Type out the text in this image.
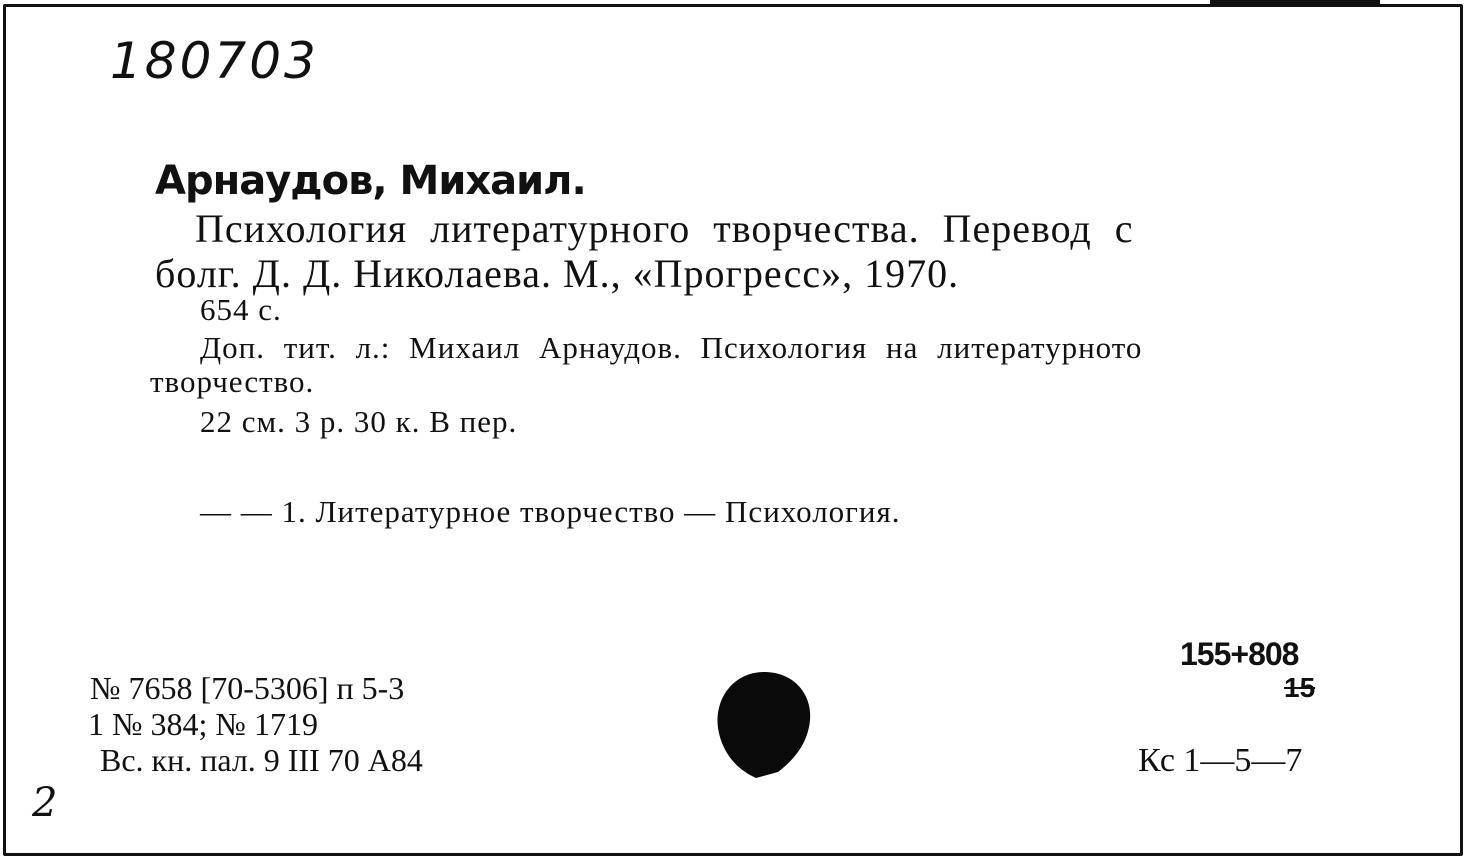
180703
Арнаудов, Михаил.
Психология литературного творчества. Перевод с
болг. Д. Д. Николаева. М., «Прогресс», 1970.
654 с.
Доп. тит. л.: Михаил Арнаудов. Психология на литературното
творчество.
22 см. 3 р. 30 к. В пер.
— — 1. Литературное творчество — Психология.
№ 7658 [70-5306] п 5-3
1 № 384; № 1719
Вс. кн. пал. 9 III 70 А84
155+808
15
Кс 1—5—7
2
